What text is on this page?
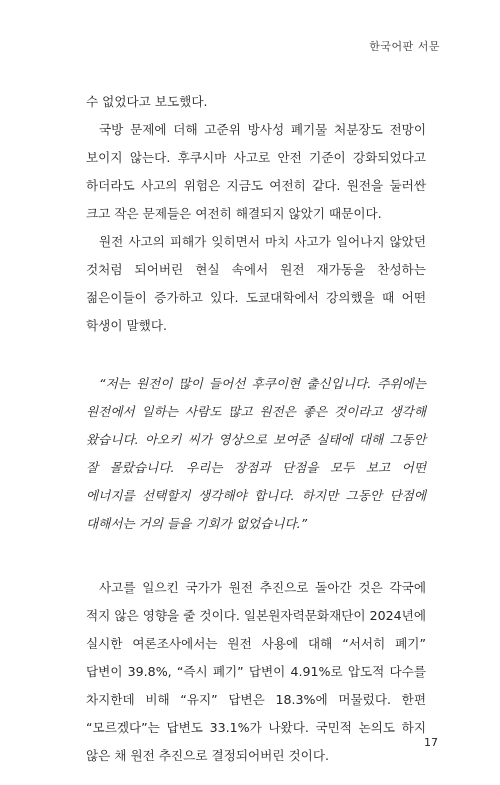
한국어판 서문

수 없었다고 보도했다.

국방 문제에 더해 고준위 방사성 폐기물 처분장도 전망이 보이지 않는다. 후쿠시마 사고로 안전 기준이 강화되었다고 하더라도 사고의 위험은 지금도 여전히 같다. 원전을 둘러싼 크고 작은 문제들은 여전히 해결되지 않았기 때문이다.

원전 사고의 피해가 잊히면서 마치 사고가 일어나지 않았던 것처럼 되어버린 현실 속에서 원전 재가동을 찬성하는 젊은이들이 증가하고 있다. 도쿄대학에서 강의했을 때 어떤 학생이 말했다.

“저는 원전이 많이 들어선 후쿠이현 출신입니다. 주위에는 원전에서 일하는 사람도 많고 원전은 좋은 것이라고 생각해 왔습니다. 아오키 씨가 영상으로 보여준 실태에 대해 그동안 잘 몰랐습니다. 우리는 장점과 단점을 모두 보고 어떤 에너지를 선택할지 생각해야 합니다. 하지만 그동안 단점에 대해서는 거의 들을 기회가 없었습니다.”

사고를 일으킨 국가가 원전 추진으로 돌아간 것은 각국에 적지 않은 영향을 줄 것이다. 일본원자력문화재단이 2024년에 실시한 여론조사에서는 원전 사용에 대해 “서서히 폐기” 답변이 39.8%, “즉시 폐기” 답변이 4.91%로 압도적 다수를 차지한데 비해 “유지” 답변은 18.3%에 머물렀다. 한편 “모르겠다”는 답변도 33.1%가 나왔다. 국민적 논의도 하지 않은 채 원전 추진으로 결정되어버린 것이다.

17
